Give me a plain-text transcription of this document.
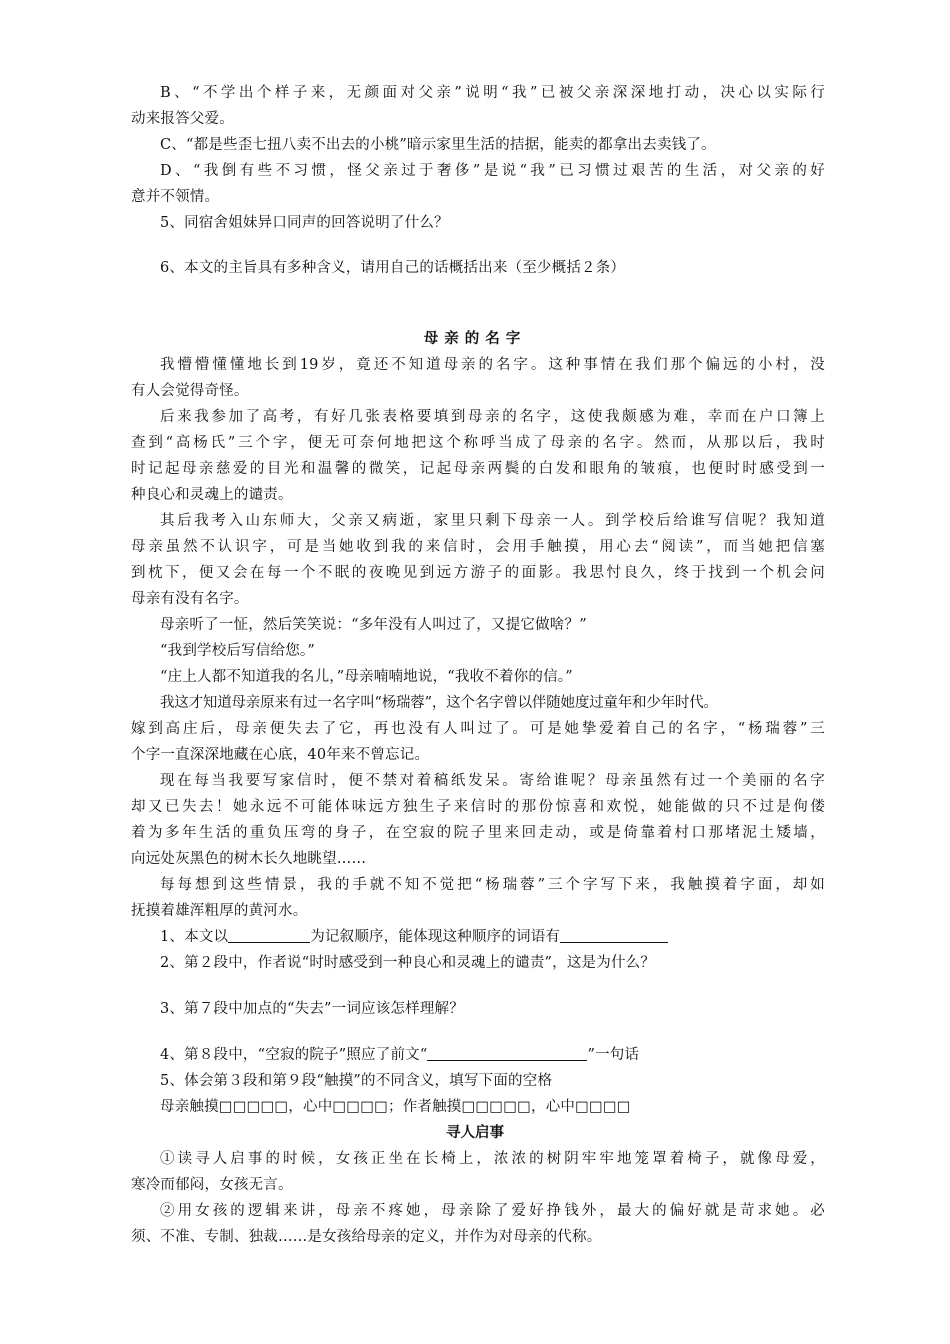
B、“不学出个样子来，无颜面对父亲”说明“我”已被父亲深深地打动，决心以实际行
动来报答父爱。
C、“都是些歪七扭八卖不出去的小桃”暗示家里生活的拮据，能卖的都拿出去卖钱了。
D、“我倒有些不习惯，怪父亲过于奢侈”是说“我”已习惯过艰苦的生活，对父亲的好
意并不领情。
5、同宿舍姐妹异口同声的回答说明了什么？
6、本文的主旨具有多种含义，请用自己的话概括出来（至少概括２条）
母亲的名字
我懵懵懂懂地长到19岁，竟还不知道母亲的名字。这种事情在我们那个偏远的小村，没
有人会觉得奇怪。
后来我参加了高考，有好几张表格要填到母亲的名字，这使我颇感为难，幸而在户口簿上
查到“高杨氏”三个字，便无可奈何地把这个称呼当成了母亲的名字。然而，从那以后，我时
时记起母亲慈爱的目光和温馨的微笑，记起母亲两鬓的白发和眼角的皱痕，也便时时感受到一
种良心和灵魂上的谴责。
其后我考入山东师大，父亲又病逝，家里只剩下母亲一人。到学校后给谁写信呢？我知道
母亲虽然不认识字，可是当她收到我的来信时，会用手触摸，用心去“阅读”，而当她把信塞
到枕下，便又会在每一个不眠的夜晚见到远方游子的面影。我思忖良久，终于找到一个机会问
母亲有没有名字。
母亲听了一怔，然后笑笑说：“多年没有人叫过了，又提它做啥？”
“我到学校后写信给您。”
“庄上人都不知道我的名儿，”母亲喃喃地说，“我收不着你的信。”
我这才知道母亲原来有过一名字叫“杨瑞蓉”，这个名字曾以伴随她度过童年和少年时代。
嫁到高庄后，母亲便失去了它，再也没有人叫过了。可是她挚爱着自己的名字，“杨瑞蓉”三
个字一直深深地藏在心底，40年来不曾忘记。
现在每当我要写家信时，便不禁对着稿纸发呆。寄给谁呢？母亲虽然有过一个美丽的名字
却又已失去！她永远不可能体味远方独生子来信时的那份惊喜和欢悦，她能做的只不过是佝偻
着为多年生活的重负压弯的身子，在空寂的院子里来回走动，或是倚靠着村口那堵泥土矮墙，
向远处灰黑色的树木长久地眺望……
每每想到这些情景，我的手就不知不觉把“杨瑞蓉”三个字写下来，我触摸着字面，却如
抚摸着雄浑粗厚的黄河水。
1、本文以	为记叙顺序，能体现这种顺序的词语有
2、第２段中，作者说“时时感受到一种良心和灵魂上的谴责”，这是为什么？
3、第７段中加点的“失去”一词应该怎样理解？
4、第８段中，“空寂的院子”照应了前文“	”一句话
5、体会第３段和第９段“触摸”的不同含义，填写下面的空格
母亲触摸□□□□□，心中□□□□；作者触摸□□□□□，心中□□□□
寻人启事
①读寻人启事的时候，女孩正坐在长椅上，浓浓的树阴牢牢地笼罩着椅子，就像母爱，
寒冷而郁闷，女孩无言。
②用女孩的逻辑来讲，母亲不疼她，母亲除了爱好挣钱外，最大的偏好就是苛求她。必
须、不准、专制、独裁……是女孩给母亲的定义，并作为对母亲的代称。
